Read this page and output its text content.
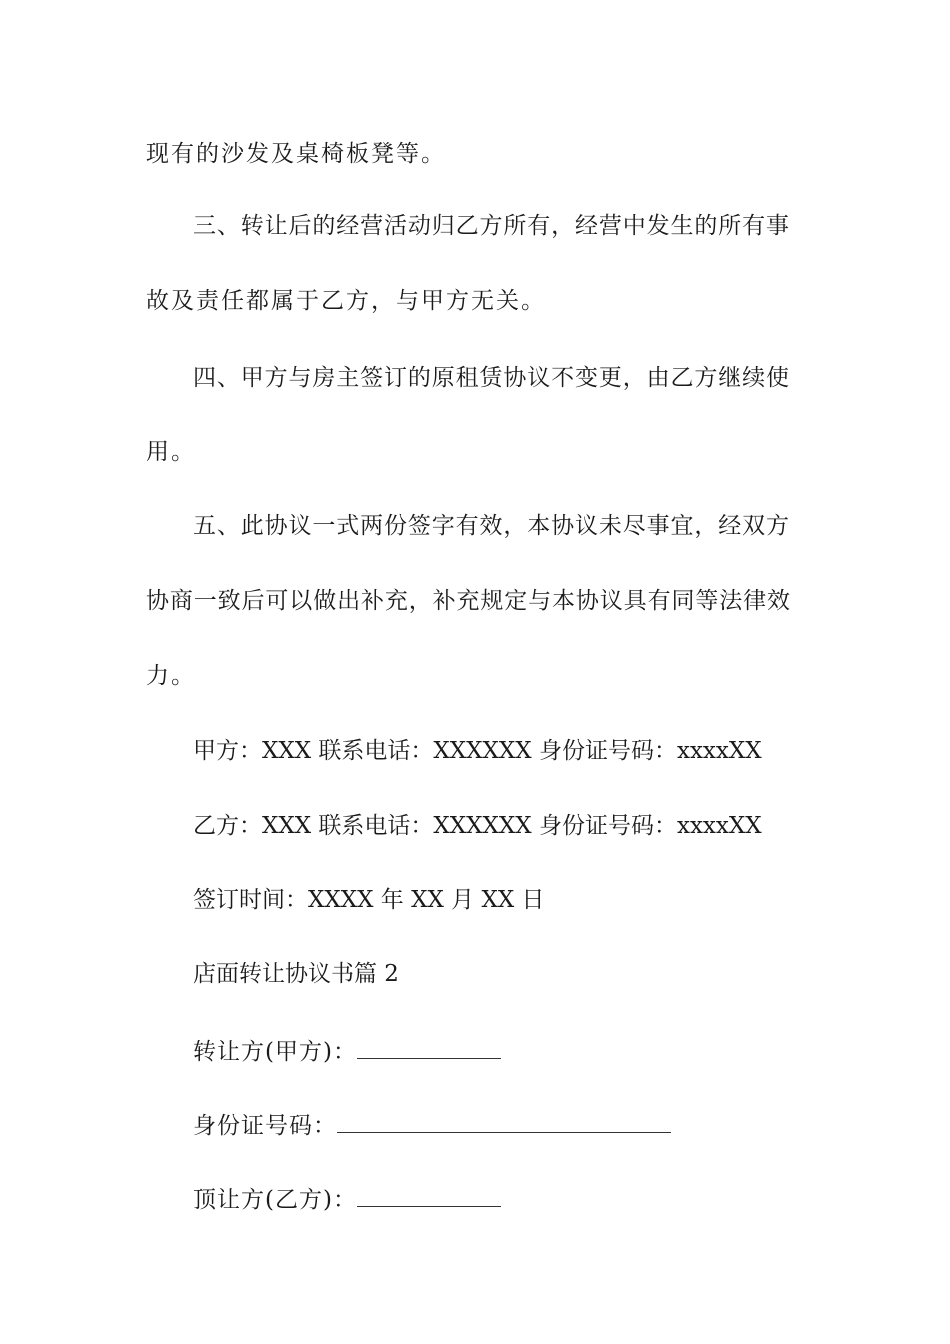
现有的沙发及桌椅板凳等。
三、转让后的经营活动归乙方所有，经营中发生的所有事
故及责任都属于乙方，与甲方无关。
四、甲方与房主签订的原租赁协议不变更，由乙方继续使
用。
五、此协议一式两份签字有效，本协议未尽事宜，经双方
协商一致后可以做出补充，补充规定与本协议具有同等法律效
力。
甲方：XXX 联系电话：XXXXXX 身份证号码：xxxxXX
乙方：XXX 联系电话：XXXXXX 身份证号码：xxxxXX
签订时间：XXXX 年 XX 月 XX 日
店面转让协议书篇 2
转让方(甲方)：
身份证号码：
顶让方(乙方)：
